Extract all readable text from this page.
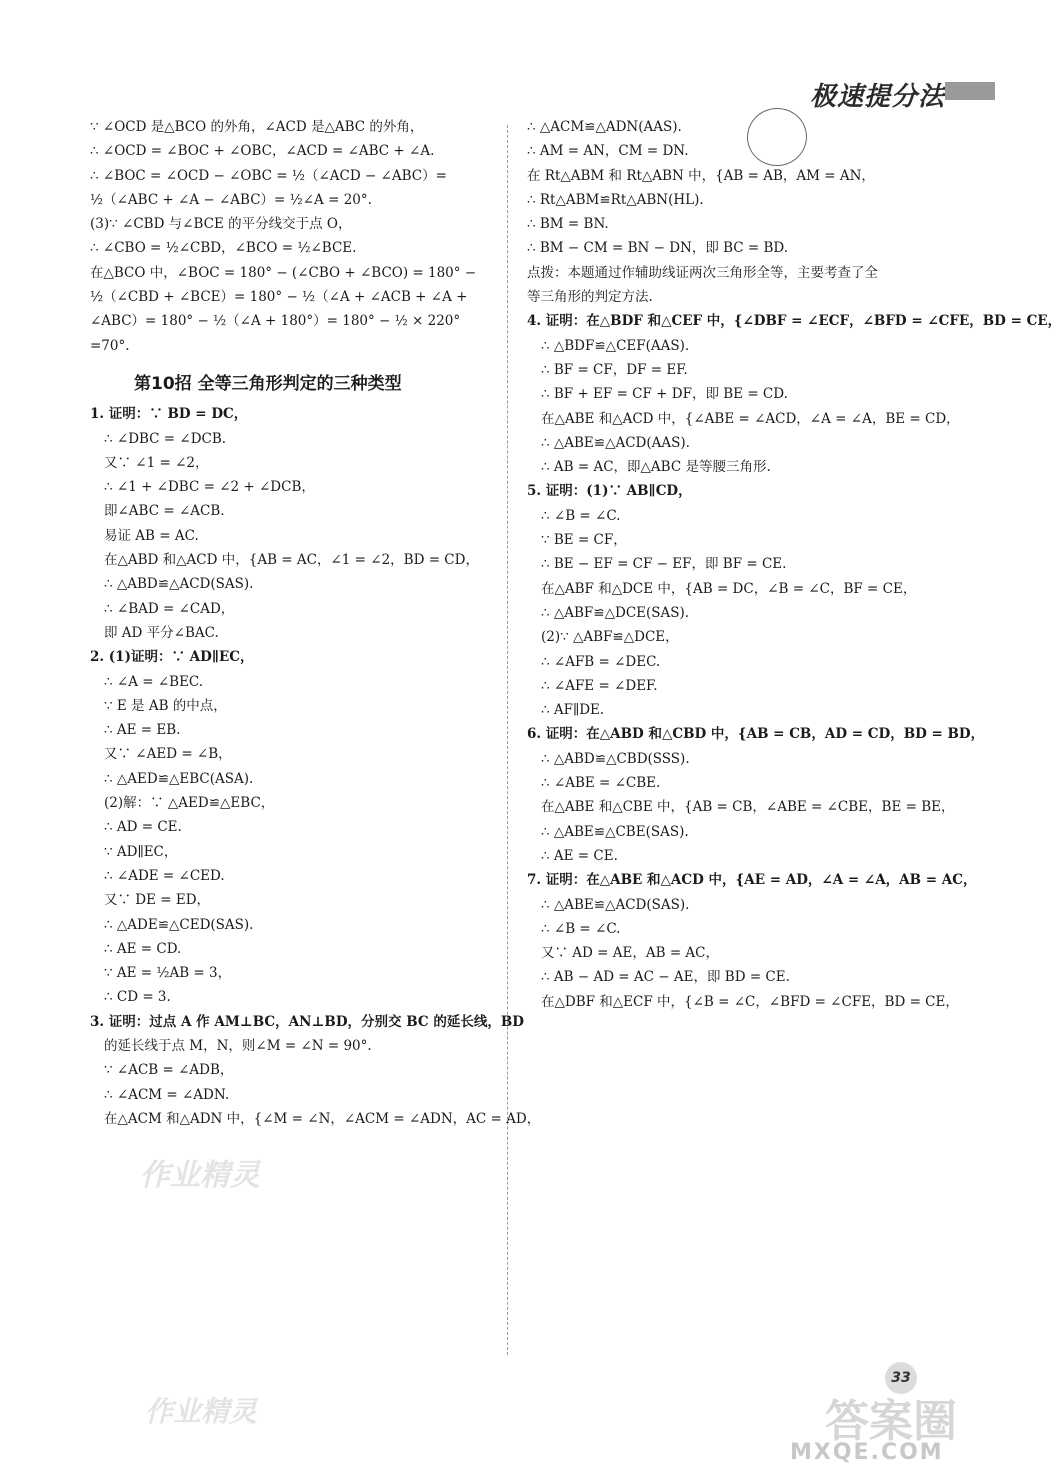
极速提分法

∵ ∠OCD 是△BCO 的外角，∠ACD 是△ABC 的外角，

∴ ∠OCD = ∠BOC + ∠OBC，∠ACD = ∠ABC + ∠A.

∴ ∠BOC = ∠OCD − ∠OBC = ½（∠ACD − ∠ABC）=

½（∠ABC + ∠A − ∠ABC）= ½∠A = 20°.

(3)∵ ∠CBD 与∠BCE 的平分线交于点 O，

∴ ∠CBO = ½∠CBD，∠BCO = ½∠BCE.

在△BCO 中，∠BOC = 180° − (∠CBO + ∠BCO) = 180° −

½（∠CBD + ∠BCE）= 180° − ½（∠A + ∠ACB + ∠A +

∠ABC）= 180° − ½（∠A + 180°）= 180° − ½ × 220°

=70°.

第10招 全等三角形判定的三种类型

1. 证明：∵ BD = DC，

∴ ∠DBC = ∠DCB.

又∵ ∠1 = ∠2，

∴ ∠1 + ∠DBC = ∠2 + ∠DCB，

即∠ABC = ∠ACB.

易证 AB = AC.

在△ABD 和△ACD 中，{AB = AC，∠1 = ∠2，BD = CD，

∴ △ABD≌△ACD(SAS).

∴ ∠BAD = ∠CAD，

即 AD 平分∠BAC.

2. (1)证明：∵ AD∥EC，

∴ ∠A = ∠BEC.

∵ E 是 AB 的中点，

∴ AE = EB.

又∵ ∠AED = ∠B，

∴ △AED≌△EBC(ASA).

(2)解：∵ △AED≌△EBC，

∴ AD = CE.

∵ AD∥EC，

∴ ∠ADE = ∠CED.

又∵ DE = ED，

∴ △ADE≌△CED(SAS).

∴ AE = CD.

∵ AE = ½AB = 3，

∴ CD = 3.

3. 证明：过点 A 作 AM⊥BC，AN⊥BD，分别交 BC 的延长线，BD

的延长线于点 M，N，则∠M = ∠N = 90°.

∵ ∠ACB = ∠ADB，

∴ ∠ACM = ∠ADN.

在△ACM 和△ADN 中，{∠M = ∠N，∠ACM = ∠ADN，AC = AD，

∴ △ACM≌△ADN(AAS).

∴ AM = AN，CM = DN.

在 Rt△ABM 和 Rt△ABN 中，{AB = AB，AM = AN，

∴ Rt△ABM≌Rt△ABN(HL).

∴ BM = BN.

∴ BM − CM = BN − DN，即 BC = BD.

点拨：本题通过作辅助线证两次三角形全等，主要考查了全

等三角形的判定方法.

4. 证明：在△BDF 和△CEF 中，{∠DBF = ∠ECF，∠BFD = ∠CFE，BD = CE，

∴ △BDF≌△CEF(AAS).

∴ BF = CF，DF = EF.

∴ BF + EF = CF + DF，即 BE = CD.

在△ABE 和△ACD 中，{∠ABE = ∠ACD，∠A = ∠A，BE = CD，

∴ △ABE≌△ACD(AAS).

∴ AB = AC，即△ABC 是等腰三角形.

5. 证明：(1)∵ AB∥CD，

∴ ∠B = ∠C.

∵ BE = CF，

∴ BE − EF = CF − EF，即 BF = CE.

在△ABF 和△DCE 中，{AB = DC，∠B = ∠C，BF = CE，

∴ △ABF≌△DCE(SAS).

(2)∵ △ABF≌△DCE，

∴ ∠AFB = ∠DEC.

∴ ∠AFE = ∠DEF.

∴ AF∥DE.

6. 证明：在△ABD 和△CBD 中，{AB = CB，AD = CD，BD = BD，

∴ △ABD≌△CBD(SSS).

∴ ∠ABE = ∠CBE.

在△ABE 和△CBE 中，{AB = CB，∠ABE = ∠CBE，BE = BE，

∴ △ABE≌△CBE(SAS).

∴ AE = CE.

7. 证明：在△ABE 和△ACD 中，{AE = AD，∠A = ∠A，AB = AC，

∴ △ABE≌△ACD(SAS).

∴ ∠B = ∠C.

又∵ AD = AE，AB = AC，

∴ AB − AD = AC − AE，即 BD = CE.

在△DBF 和△ECF 中，{∠B = ∠C，∠BFD = ∠CFE，BD = CE，

33
作业精灵
作业精灵	答案圈
MXQE.COM
